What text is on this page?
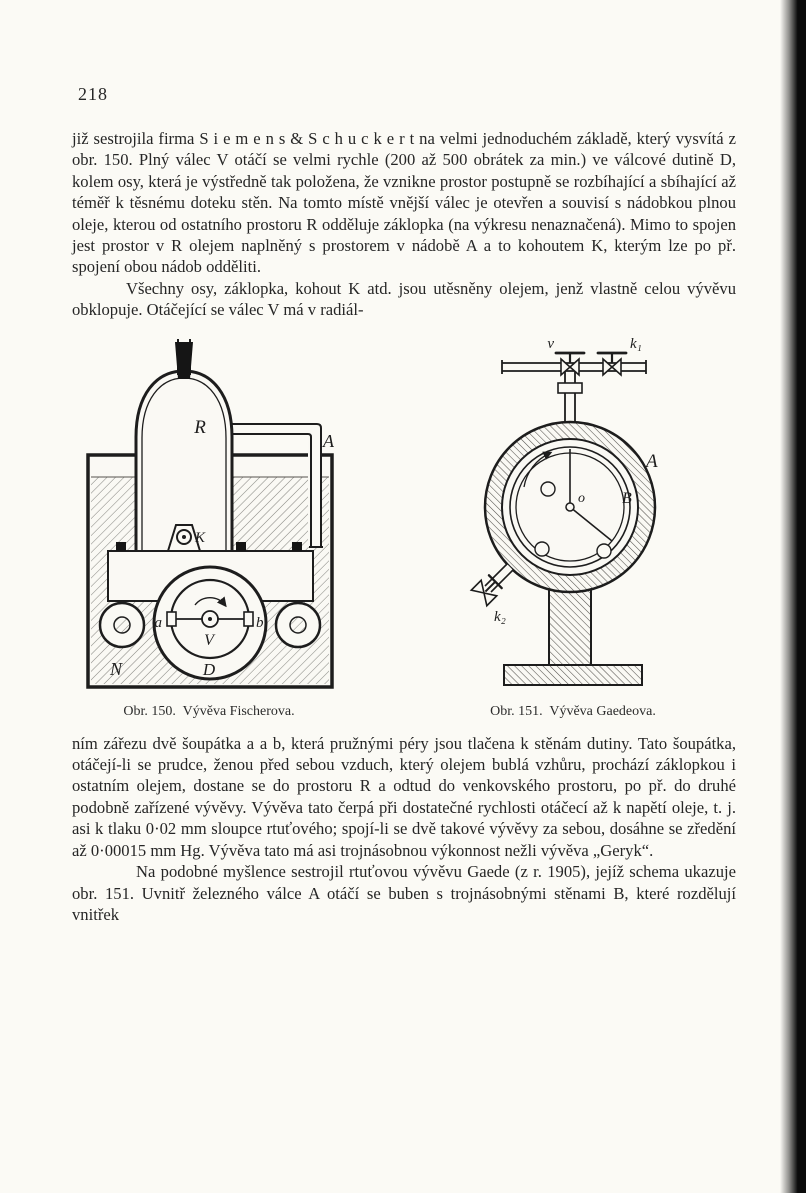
218

již sestrojila firma S i e m e n s & S c h u c k e r t na velmi jednoduchém základě, který vysvítá z obr. 150. Plný válec V otáčí se velmi rychle (200 až 500 obrátek za min.) ve válcové dutině D, kolem osy, která je výstředně tak položena, že vznikne prostor postupně se rozbíhající a sbíhající až téměř k těsnému doteku stěn. Na tomto místě vnější válec je otevřen a souvisí s nádobkou plnou oleje, kterou od ostatního prostoru R odděluje záklopka (na výkresu nenaznačená). Mimo to spojen jest prostor v R olejem naplněný s prostorem v nádobě A a to kohoutem K, kterým lze po př. spojení obou nádob odděliti.

Všechny osy, záklopka, kohout K atd. jsou utěsněny olejem, jenž vlastně celou vývěvu obklopuje. Otáčející se válec V má v radiál-

R
A
K
a
V
b
D
N
Obr. 150.  Vývěva Fischerova.
v	k₁
A
B
o
k₂
Obr. 151.  Vývěva Gaedeova.

ním zářezu dvě šoupátka a a b, která pružnými péry jsou tlačena k stěnám dutiny. Tato šoupátka, otáčejí-li se prudce, ženou před sebou vzduch, který olejem bublá vzhůru, prochází záklopkou i ostatním olejem, dostane se do prostoru R a odtud do venkovského prostoru, po př. do druhé podobně zařízené vývěvy. Vývěva tato čerpá při dostatečné rychlosti otáčecí až k napětí oleje, t. j. asi k tlaku 0·02 mm sloupce rtuťového; spojí-li se dvě takové vývěvy za sebou, dosáhne se zředění až 0·00015 mm Hg. Vývěva tato má asi trojnásobnou výkonnost nežli vývěva „Geryk“.

Na podobné myšlence sestrojil rtuťovou vývěvu Gaede (z r. 1905), jejíž schema ukazuje obr. 151. Uvnitř železného válce A otáčí se buben s trojnásobnými stěnami B, které rozdělují vnitřek
